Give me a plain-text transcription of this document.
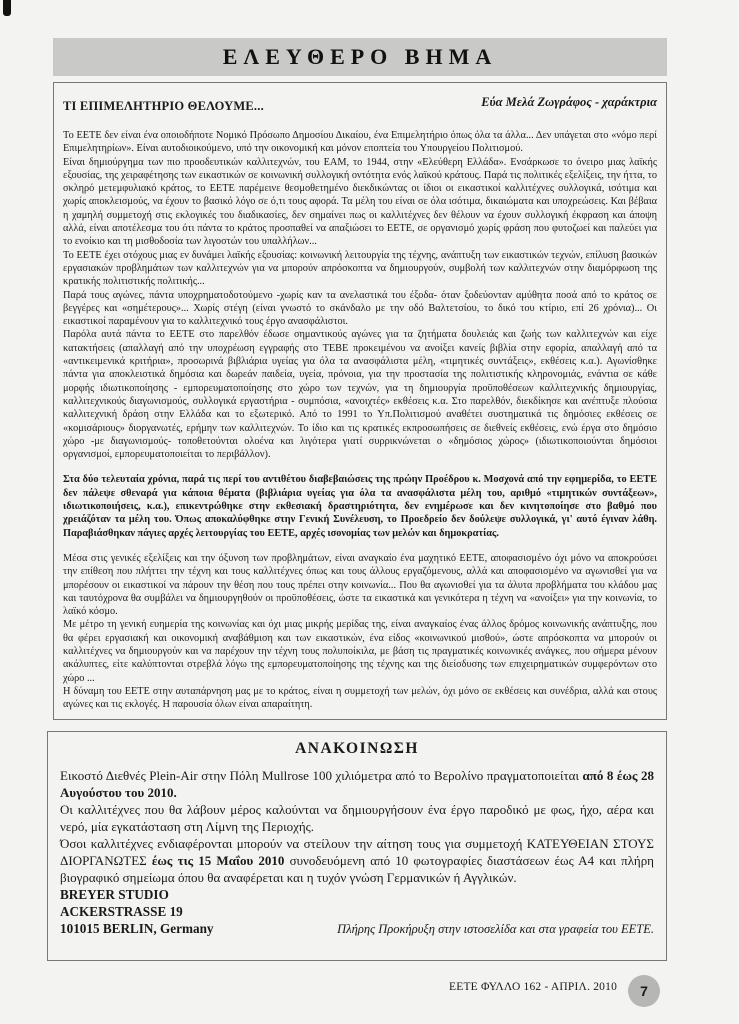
ΕΛΕΥΘΕΡΟ ΒΗΜΑ
ΤΙ ΕΠΙΜΕΛΗΤΗΡΙΟ ΘΕΛΟΥΜΕ...	Εύα Μελά Ζωγράφος - χαράκτρια

Το ΕΕΤΕ δεν είναι ένα οποιοδήποτε Νομικό Πρόσωπο Δημοσίου Δικαίου, ένα Επιμελητήριο όπως όλα τα άλλα... Δεν υπάγεται στο «νόμο περί Επιμελητηρίων». Είναι αυτοδιοικούμενο, υπό την οικονομική και μόνον εποπτεία του Υπουργείου Πολιτισμού.

Είναι δημιούργημα των πιο προοδευτικών καλλιτεχνών, του ΕΑΜ, το 1944, στην «Ελεύθερη Ελλάδα». Ενσάρκωσε το όνειρο μιας λαϊκής εξουσίας, της χειραφέτησης των εικαστικών σε κοινωνική συλλογική οντότητα ενός λαϊκού κράτους. Παρά τις πολιτικές εξελίξεις, την ήττα, το σκληρό μετεμφυλιακό κράτος, το ΕΕΤΕ παρέμεινε θεσμοθετημένο διεκδικώντας οι ίδιοι οι εικαστικοί καλλιτέχνες συλλογικά, ισότιμα και χωρίς αποκλεισμούς, να έχουν το βασικό λόγο σε ό,τι τους αφορά. Τα μέλη του είναι σε όλα ισότιμα, δικαιώματα και υποχρεώσεις. Και βέβαια η χαμηλή συμμετοχή στις εκλογικές του διαδικασίες, δεν σημαίνει πως οι καλλιτέχνες δεν θέλουν να έχουν συλλογική έκφραση και άποψη αλλά, είναι αποτέλεσμα του ότι πάντα το κράτος προσπαθεί να απαξιώσει το ΕΕΤΕ, σε οργανισμό χωρίς φράση που φυτοζωεί και παλεύει για το ενοίκιο και τη μισθοδοσία των λιγοστών του υπαλλήλων...

Το ΕΕΤΕ έχει στόχους μιας εν δυνάμει λαϊκής εξουσίας: κοινωνική λειτουργία της τέχνης, ανάπτυξη των εικαστικών τεχνών, επίλυση βασικών εργασιακών προβλημάτων των καλλιτεχνών για να μπορούν απρόσκοπτα να δημιουργούν, συμβολή των καλλιτεχνών στην διαμόρφωση της κρατικής πολιτιστικής πολιτικής...

Παρά τους αγώνες, πάντα υποχρηματοδοτούμενο -χωρίς καν τα ανελαστικά του έξοδα- όταν ξοδεύονταν αμύθητα ποσά από το κράτος σε βεγγέρες και «σημέτερους»... Χωρίς στέγη (είναι γνωστό το σκάνδαλο με την οδό Βαλτετσίου, το δικό του κτίριο, επί 26 χρόνια)... Οι εικαστικοί παραμένουν για το καλλιτεχνικό τους έργο ανασφάλιστοι.

Παρόλα αυτά πάντα το ΕΕΤΕ στο παρελθόν έδωσε σημαντικούς αγώνες για τα ζητήματα δουλειάς και ζωής των καλλιτεχνών και είχε κατακτήσεις (απαλλαγή από την υποχρέωση εγγραφής στο ΤΕΒΕ προκειμένου να ανοίξει κανείς βιβλία στην εφορία, απαλλαγή από τα «αντικειμενικά κριτήρια», προσωρινά βιβλιάρια υγείας για όλα τα ανασφάλιστα μέλη, «τιμητικές συντάξεις», εκθέσεις κ.α.). Αγωνίσθηκε πάντα για αποκλειστικά δημόσια και δωρεάν παιδεία, υγεία, πρόνοια, για την προστασία της πολιτιστικής κληρονομιάς, ενάντια σε κάθε μορφής ιδιωτικοποίησης - εμπορευματοποίησης στο χώρο των τεχνών, για τη δημιουργία προϋποθέσεων καλλιτεχνικής δημιουργίας, καλλιτεχνικούς διαγωνισμούς, συλλογικά εργαστήρια - συμπόσια, «ανοιχτές» εκθέσεις κ.α. Στο παρελθόν, διεκδίκησε και ανέπτυξε πλούσια καλλιτεχνική δράση στην Ελλάδα και το εξωτερικό. Από το 1991 το Υπ.Πολιτισμού αναθέτει συστηματικά τις δημόσιες εκθέσεις σε «κομισάριους» διοργανωτές, ερήμην των καλλιτεχνών. Το ίδιο και τις κρατικές εκπροσωπήσεις σε διεθνείς εκθέσεις, ενώ έργα στο δημόσιο χώρο -με διαγωνισμούς- τοποθετούνται ολοένα και λιγότερα γιατί συρρικνώνεται ο «δημόσιος χώρος» (ιδιωτικοποιούνται δημόσιοι οργανισμοί, εμπορευματοποιείται το περιβάλλον).

Στα δύο τελευταία χρόνια, παρά τις περί του αντιθέτου διαβεβαιώσεις της πρώην Προέδρου κ. Μοσχονά από την εφημερίδα, το ΕΕΤΕ δεν πάλεψε σθεναρά για κάποια θέματα (βιβλιάρια υγείας για όλα τα ανασφάλιστα μέλη του, αριθμό «τιμητικών συντάξεων», ιδιωτικοποιήσεις, κ.α.), επικεντρώθηκε στην εκθεσιακή δραστηριότητα, δεν ενημέρωσε και δεν κινητοποίησε στο βαθμό που χρειάζόταν τα μέλη του. Όπως αποκαλύφθηκε στην Γενική Συνέλευση, το Προεδρείο δεν δούλεψε συλλογικά, γι' αυτό έγιναν λάθη. Παραβιάσθηκαν πάγιες αρχές λειτουργίας του ΕΕΤΕ, αρχές ισονομίας των μελών και δημοκρατίας.

Μέσα στις γενικές εξελίξεις και την όξυνση των προβλημάτων, είναι αναγκαίο ένα μαχητικό ΕΕΤΕ, αποφασισμένο όχι μόνο να αποκρούσει την επίθεση που πλήττει την τέχνη και τους καλλιτέχνες όπως και τους άλλους εργαζόμενους, αλλά και αποφασισμένο να αγωνισθεί για να μπορέσουν οι εικαστικοί να πάρουν την θέση που τους πρέπει στην κοινωνία... Που θα αγωνισθεί για τα άλυτα προβλήματα του κλάδου μας και ταυτόχρονα θα συμβάλει να δημιουργηθούν οι προϋποθέσεις, ώστε τα εικαστικά και γενικότερα η τέχνη να «ανοίξει» για την κοινωνία, το λαϊκό κόσμο.

Με μέτρο τη γενική ευημερία της κοινωνίας και όχι μιας μικρής μερίδας της, είναι αναγκαίος ένας άλλος δρόμος κοινωνικής ανάπτυξης, που θα φέρει εργασιακή και οικονομική αναβάθμιση και των εικαστικών, ένα είδος «κοινωνικού μισθού», ώστε απρόσκοπτα να μπορούν οι καλλιτέχνες να δημιουργούν και να παρέχουν την τέχνη τους πολυποίκιλα, με βάση τις πραγματικές κοινωνικές ανάγκες, που σήμερα μένουν ακάλυπτες, είτε καλύπτονται στρεβλά λόγω της εμπορευματοποίησης της τέχνης και της διείσδυσης των επιχειρηματικών συμφερόντων στο χώρο ...

Η δύναμη του ΕΕΤΕ στην αυταπάρνηση μας με το κράτος, είναι η συμμετοχή των μελών, όχι μόνο σε εκθέσεις και συνέδρια, αλλά και στους αγώνες και τις εκλογές. Η παρουσία όλων είναι απαραίτητη.

ΑΝΑΚΟΙΝΩΣΗ

Εικοστό Διεθνές Plein-Air στην Πόλη Mullrose 100 χιλιόμετρα από το Βερολίνο πραγματοποιείται από 8 έως 28 Αυγούστου του 2010.

Οι καλλιτέχνες που θα λάβουν μέρος καλούνται να δημιουργήσουν ένα έργο παροδικό με φως, ήχο, αέρα και νερό, μία εγκατάσταση στη Λίμνη της Περιοχής.

Όσοι καλλιτέχνες ενδιαφέρονται μπορούν να στείλουν την αίτηση τους για συμμετοχή ΚΑΤΕΥΘΕΙΑΝ ΣΤΟΥΣ ΔΙΟΡΓΑΝΩΤΕΣ έως τις 15 Μαΐου 2010 συνοδευόμενη από 10 φωτογραφίες διαστάσεων έως Α4 και πλήρη βιογραφικό σημείωμα όπου θα αναφέρεται και η τυχόν γνώση Γερμανικών ή Αγγλικών.

BREYER STUDIO

ACKERSTRASSE 19

101015 BERLIN, Germany	Πλήρης Προκήρυξη στην ιστοσελίδα και στα γραφεία του ΕΕΤΕ.
ΕΕΤΕ ΦΥΛΛΟ 162 - ΑΠΡΙΛ. 2010	7
